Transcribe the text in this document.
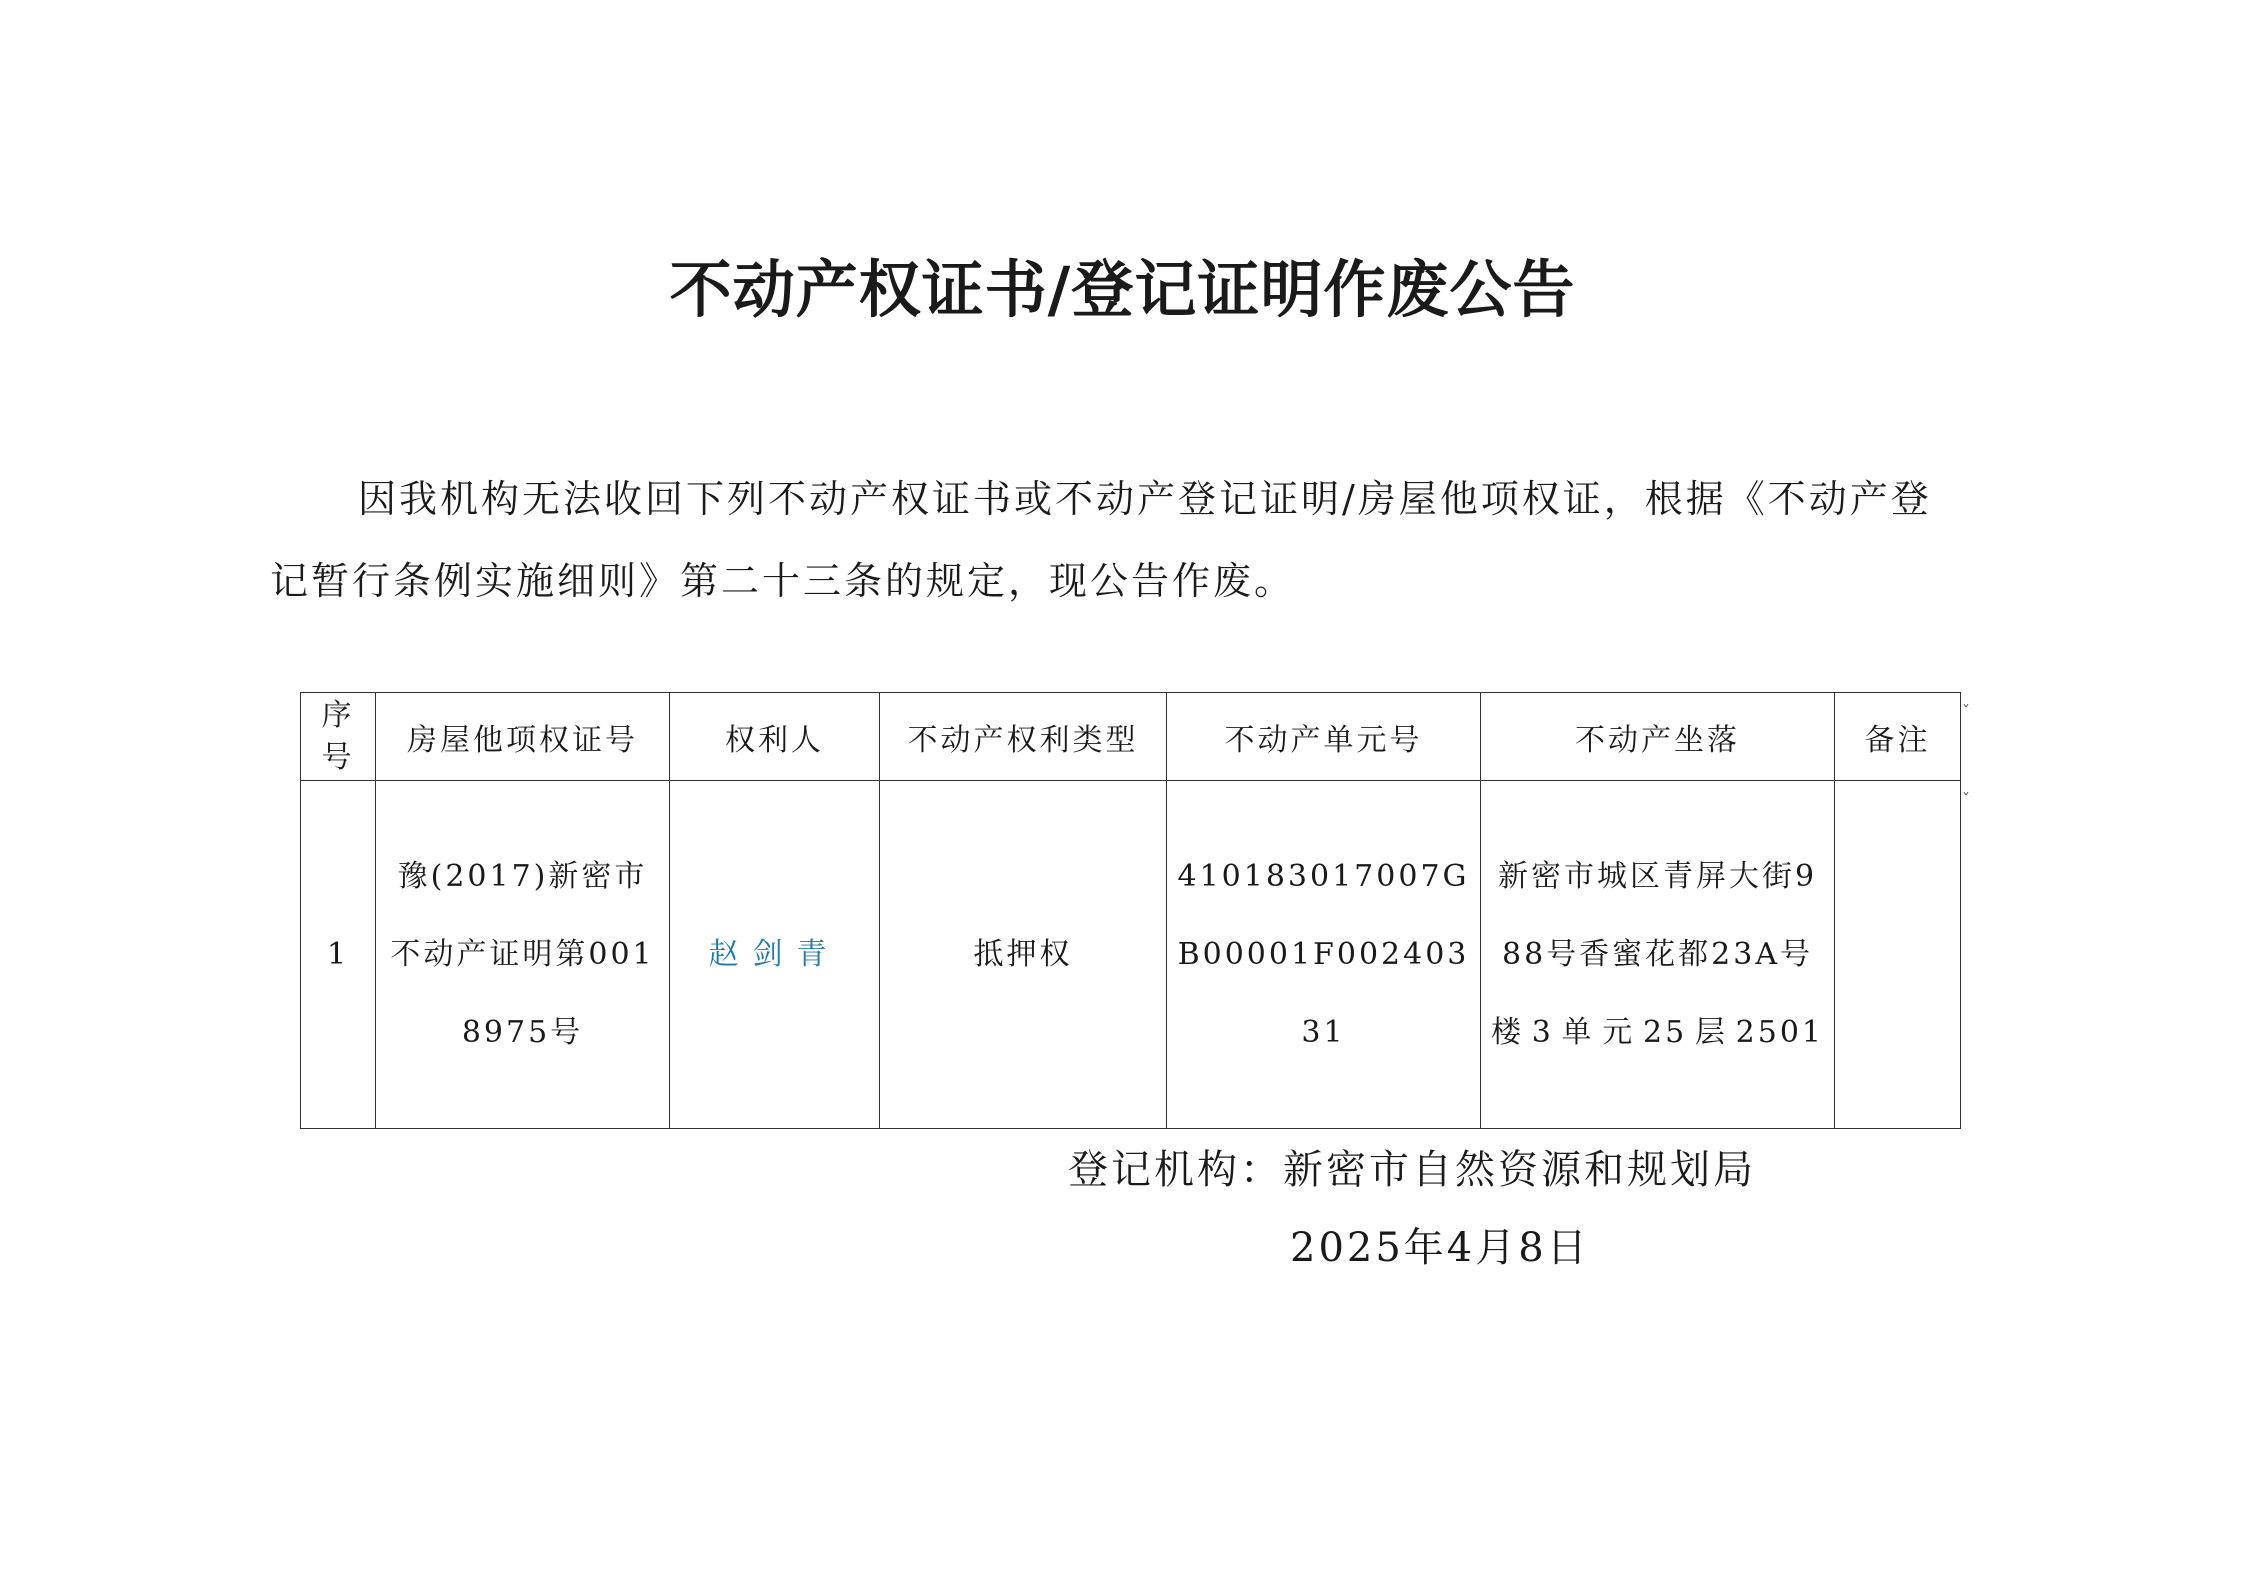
不动产权证书/登记证明作废公告
因我机构无法收回下列不动产权证书或不动产登记证明/房屋他项权证，根据《不动产登记暂行条例实施细则》第二十三条的规定，现公告作废。
序号	房屋他项权证号	权利人	不动产权利类型	不动产单元号	不动产坐落	备注
1	豫(2017)新密市不动产证明第0018975号	赵剑青	抵押权	410183017007GB00001F00240331	新密市城区青屏大街988号香蜜花都23A号楼3单元25层2501	
ˇ
ˇ
登记机构：新密市自然资源和规划局
2025年4月8日
